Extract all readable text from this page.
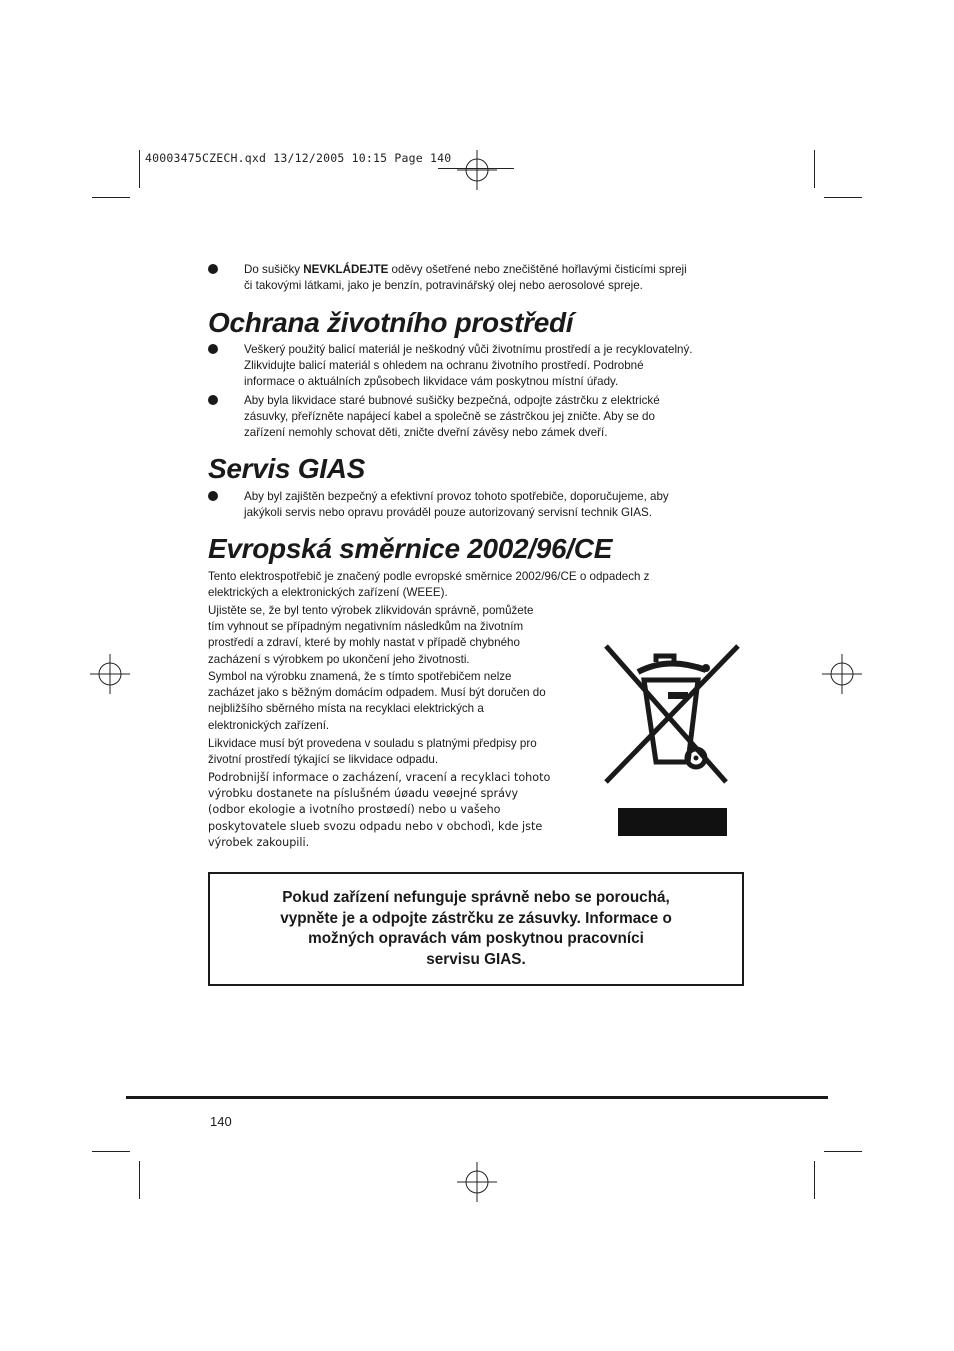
40003475CZECH.qxd 13/12/2005 10:15 Page 140
Do sušičky NEVKLÁDEJTE oděvy ošetřené nebo znečištěné hořlavými čisticími spreji
či takovými látkami, jako je benzín, potravinářský olej nebo aerosolové spreje.
Ochrana životního prostředí
Veškerý použitý balicí materiál je neškodný vůči životnímu prostředí a je recyklovatelný.
Zlikvidujte balicí materiál s ohledem na ochranu životního prostředí. Podrobné
informace o aktuálních způsobech likvidace vám poskytnou místní úřady.
Aby byla likvidace staré bubnové sušičky bezpečná, odpojte zástrčku z elektrické
zásuvky, přeřízněte napájecí kabel a společně se zástrčkou jej zničte. Aby se do
zařízení nemohly schovat děti, zničte dveřní závěsy nebo zámek dveří.
Servis GIAS
Aby byl zajištěn bezpečný a efektivní provoz tohoto spotřebiče, doporučujeme, aby
jakýkoli servis nebo opravu prováděl pouze autorizovaný servisní technik GIAS.
Evropská směrnice 2002/96/CE

Tento elektrospotřebič je značený podle evropské směrnice 2002/96/CE o odpadech z
elektrických a elektronických zařízení (WEEE).

Ujistěte se, že byl tento výrobek zlikvidován správně, pomůžete
tím vyhnout se případným negativním následkům na životním
prostředí a zdraví, které by mohly nastat v případě chybného
zacházení s výrobkem po ukončení jeho životnosti.

Symbol na výrobku znamená, že s tímto spotřebičem nelze
zacházet jako s běžným domácím odpadem. Musí být doručen do
nejbližšího sběrného místa na recyklaci elektrických a
elektronických zařízení.

Likvidace musí být provedena v souladu s platnými předpisy pro
životní prostředí týkající se likvidace odpadu.

Podrobnijší informace o zacházení, vracení a recyklaci tohoto
výrobku dostanete na píslušném úøadu veøejné správy
(odbor ekologie a ivotního prostøedí) nebo u vašeho
poskytovatele slueb svozu odpadu nebo v obchodì, kde jste
výrobek zakoupili.

Pokud zařízení nefunguje správně nebo se porouchá,
vypněte je a odpojte zástrčku ze zásuvky. Informace o
možných opravách vám poskytnou pracovníci
servisu GIAS.
140
